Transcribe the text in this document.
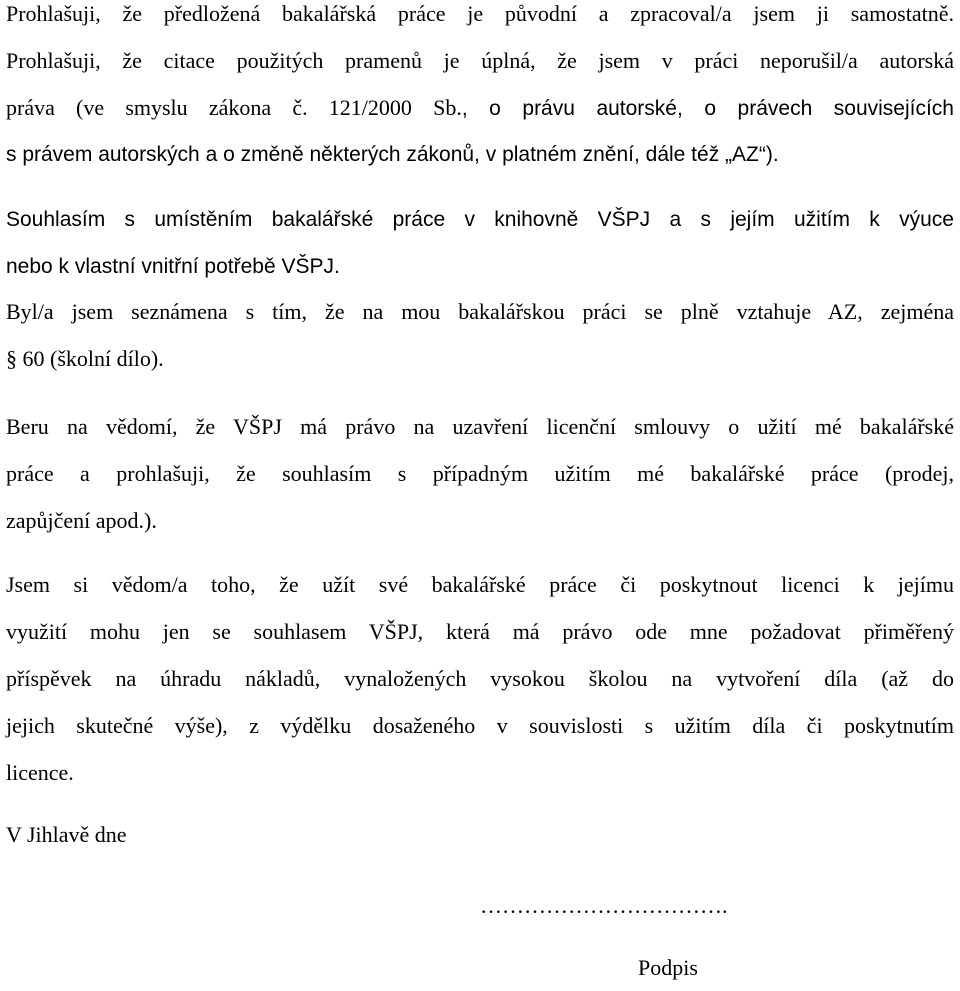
Prohlašuji, že předložená bakalářská práce je původní a zpracoval/a jsem ji samostatně.
Prohlašuji, že citace použitých pramenů je úplná, že jsem v práci neporušil/a autorská
práva (ve smyslu zákona č. 121/2000 Sb., o právu autorské, o právech souvisejících
s právem autorských a o změně některých zákonů, v platném znění, dále též „AZ“).
Souhlasím s umístěním bakalářské práce v knihovně VŠPJ a s jejím užitím k výuce
nebo k vlastní vnitřní potřebě VŠPJ.
Byl/a jsem seznámena s tím, že na mou bakalářskou práci se plně vztahuje AZ, zejména
§ 60 (školní dílo).
Beru na vědomí, že VŠPJ má právo na uzavření licenční smlouvy o užití mé bakalářské
práce a prohlašuji, že souhlasím s případným užitím mé bakalářské práce (prodej,
zapůjčení apod.).
Jsem si vědom/a toho, že užít své bakalářské práce či poskytnout licenci k jejímu
využití mohu jen se souhlasem VŠPJ, která má právo ode mne požadovat přiměřený
příspěvek na úhradu nákladů, vynaložených vysokou školou na vytvoření díla (až do
jejich skutečné výše), z výdělku dosaženého v souvislosti s užitím díla či poskytnutím
licence.
V Jihlavě dne
…………………………….
Podpis
